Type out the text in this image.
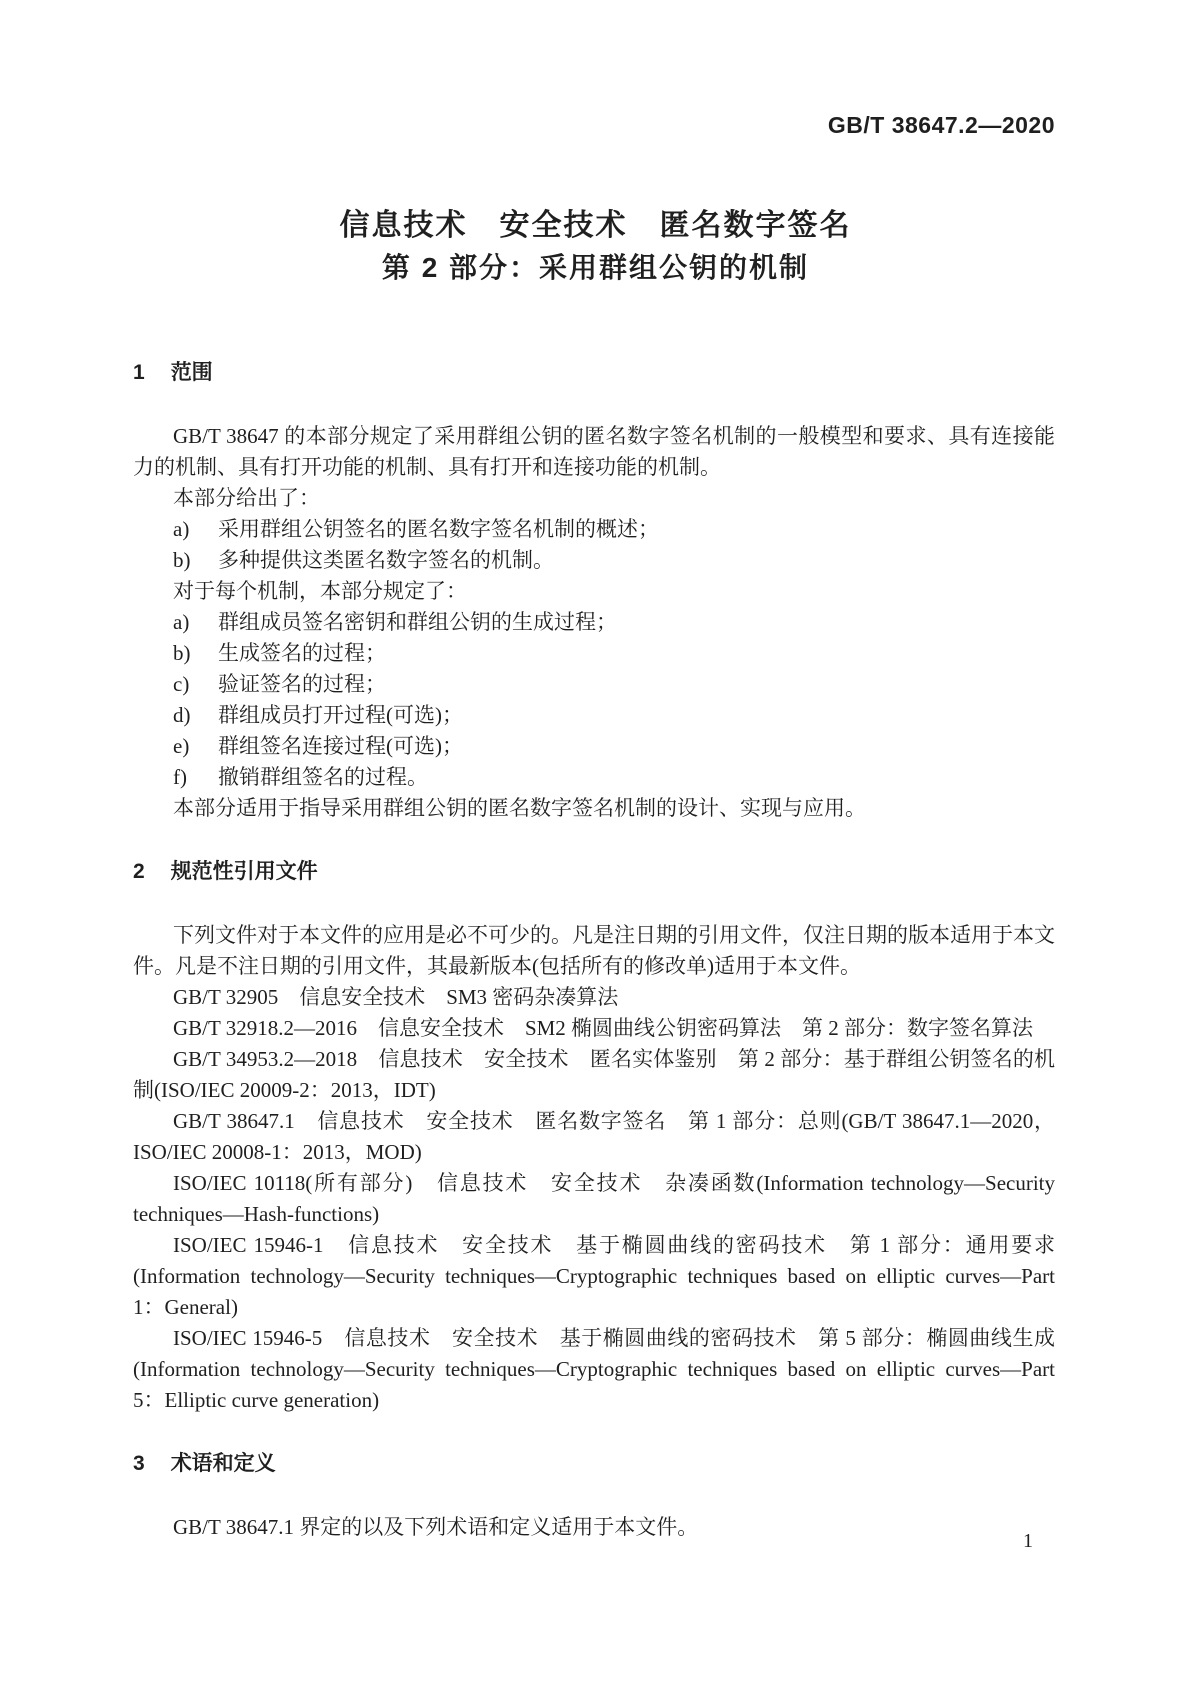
GB/T 38647.2—2020
信息技术　安全技术　匿名数字签名
第 2 部分：采用群组公钥的机制
1 范围

GB/T 38647 的本部分规定了采用群组公钥的匿名数字签名机制的一般模型和要求、具有连接能力的机制、具有打开功能的机制、具有打开和连接功能的机制。

本部分给出了：

a) 采用群组公钥签名的匿名数字签名机制的概述；
b) 多种提供这类匿名数字签名的机制。

对于每个机制，本部分规定了：

a) 群组成员签名密钥和群组公钥的生成过程；
b) 生成签名的过程；
c) 验证签名的过程；
d) 群组成员打开过程(可选)；
e) 群组签名连接过程(可选)；
f) 撤销群组签名的过程。

本部分适用于指导采用群组公钥的匿名数字签名机制的设计、实现与应用。

2 规范性引用文件

下列文件对于本文件的应用是必不可少的。凡是注日期的引用文件，仅注日期的版本适用于本文件。凡是不注日期的引用文件，其最新版本(包括所有的修改单)适用于本文件。

GB/T 32905　信息安全技术　SM3 密码杂凑算法

GB/T 32918.2—2016　信息安全技术　SM2 椭圆曲线公钥密码算法　第 2 部分：数字签名算法

GB/T 34953.2—2018　信息技术　安全技术　匿名实体鉴别　第 2 部分：基于群组公钥签名的机制(ISO/IEC 20009-2：2013，IDT)

GB/T 38647.1　信息技术　安全技术　匿名数字签名　第 1 部分：总则(GB/T 38647.1—2020，ISO/IEC 20008-1：2013，MOD)

ISO/IEC 10118(所有部分)　信息技术　安全技术　杂凑函数(Information technology—Security techniques—Hash-functions)

ISO/IEC 15946-1　信息技术　安全技术　基于椭圆曲线的密码技术　第 1 部分：通用要求(Information technology—Security techniques—Cryptographic techniques based on elliptic curves—Part 1：General)

ISO/IEC 15946-5　信息技术　安全技术　基于椭圆曲线的密码技术　第 5 部分：椭圆曲线生成(Information technology—Security techniques—Cryptographic techniques based on elliptic curves—Part 5：Elliptic curve generation)

3 术语和定义

GB/T 38647.1 界定的以及下列术语和定义适用于本文件。

1
